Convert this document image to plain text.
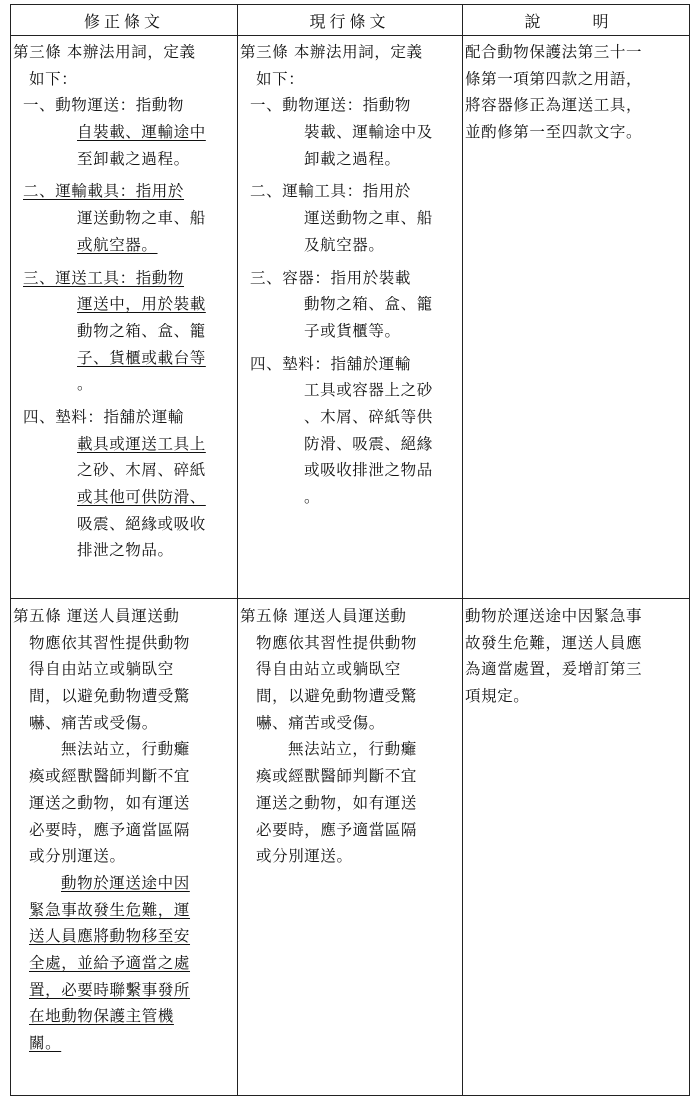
修正條文	現行條文	說　明
第三條 本辦法用詞，定義
如下：
一、動物運送：指動物
自裝載、運輸途中
至卸載之過程。
二、運輸載具：指用於
運送動物之車、船
或航空器。
三、運送工具：指動物
運送中，用於裝載
動物之箱、盒、籠
子、貨櫃或載台等
。
四、墊料：指舖於運輸
載具或運送工具上
之砂、木屑、碎紙
或其他可供防滑、
吸震、絕緣或吸收
排泄之物品。
第三條 本辦法用詞，定義
如下：
一、動物運送：指動物
裝載、運輸途中及
卸載之過程。
二、運輸工具：指用於
運送動物之車、船
及航空器。
三、容器：指用於裝載
動物之箱、盒、籠
子或貨櫃等。
四、墊料：指舖於運輸
工具或容器上之砂
、木屑、碎紙等供
防滑、吸震、絕緣
或吸收排泄之物品
。
配合動物保護法第三十一
條第一項第四款之用語，
將容器修正為運送工具，
並酌修第一至四款文字。
第五條 運送人員運送動
物應依其習性提供動物
得自由站立或躺臥空
間，以避免動物遭受驚
嚇、痛苦或受傷。
無法站立，行動癱
瘓或經獸醫師判斷不宜
運送之動物，如有運送
必要時，應予適當區隔
或分別運送。
動物於運送途中因
緊急事故發生危難，運
送人員應將動物移至安
全處，並給予適當之處
置，必要時聯繫事發所
在地動物保護主管機
關。
第五條 運送人員運送動
物應依其習性提供動物
得自由站立或躺臥空
間，以避免動物遭受驚
嚇、痛苦或受傷。
無法站立，行動癱
瘓或經獸醫師判斷不宜
運送之動物，如有運送
必要時，應予適當區隔
或分別運送。
動物於運送途中因緊急事
故發生危難，運送人員應
為適當處置，爰增訂第三
項規定。
